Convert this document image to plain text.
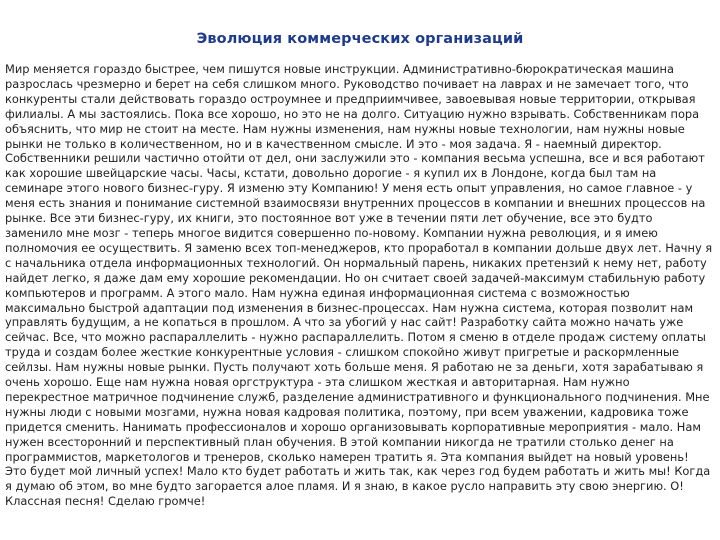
Эволюция коммерческих организаций

Мир меняется гораздо быстрее, чем пишутся новые инструкции. Административно-бюрократическая машина разрослась чрезмерно и берет на себя слишком много. Руководство почивает на лаврах и не замечает того, что конкуренты стали действовать гораздо остроумнее и предприимчивее, завоевывая новые территории, открывая филиалы. А мы застоялись. Пока все хорошо, но это не на долго. Ситуацию нужно взрывать. Собственникам пора объяснить, что мир не стоит на месте. Нам нужны изменения, нам нужны новые технологии, нам нужны новые рынки не только в количественном, но и в качественном смысле. И это - моя задача. Я - наемный директор. Собственники решили частично отойти от дел, они заслужили это - компания весьма успешна, все и вся работают как хорошие швейцарские часы. Часы, кстати, довольно дорогие - я купил их в Лондоне, когда был там на семинаре этого нового бизнес-гуру. Я изменю эту Компанию! У меня есть опыт управления, но самое главное - у меня есть знания и понимание системной взаимосвязи внутренних процессов в компании и внешних процессов на рынке. Все эти бизнес-гуру, их книги, это постоянное вот уже в течении пяти лет обучение, все это будто заменило мне мозг - теперь многое видится совершенно по-новому. Компании нужна революция, и я имею полномочия ее осуществить. Я заменю всех топ-менеджеров, кто проработал в компании дольше двух лет. Начну я с начальника отдела информационных технологий. Он нормальный парень, никаких претензий к нему нет, работу найдет легко, я даже дам ему хорошие рекомендации. Но он считает своей задачей-максимум стабильную работу компьютеров и программ. А этого мало. Нам нужна единая информационная система с возможностью максимально быстрой адаптации под изменения в бизнес-процессах. Нам нужна система, которая позволит нам управлять будущим, а не копаться в прошлом. А что за убогий у нас сайт! Разработку сайта можно начать уже сейчас. Все, что можно распараллелить - нужно распараллелить. Потом я сменю в отделе продаж систему оплаты труда и создам более жесткие конкурентные условия - слишком спокойно живут пригретые и раскормленные сейлзы. Нам нужны новые рынки. Пусть получают хоть больше меня. Я работаю не за деньги, хотя зарабатываю я очень хорошо. Еще нам нужна новая оргструктура - эта слишком жесткая и авторитарная. Нам нужно перекрестное матричное подчинение служб, разделение административного и функционального подчинения. Мне нужны люди с новыми мозгами, нужна новая кадровая политика, поэтому, при всем уважении, кадровика тоже придется сменить. Нанимать профессионалов и хорошо организовывать корпоративные мероприятия - мало. Нам нужен всесторонний и перспективный план обучения. В этой компании никогда не тратили столько денег на программистов, маркетологов и тренеров, сколько намерен тратить я. Эта компания выйдет на новый уровень! Это будет мой личный успех! Мало кто будет работать и жить так, как через год будем работать и жить мы! Когда я думаю об этом, во мне будто загорается алое пламя. И я знаю, в какое русло направить эту свою энергию. О! Классная песня! Сделаю громче!
